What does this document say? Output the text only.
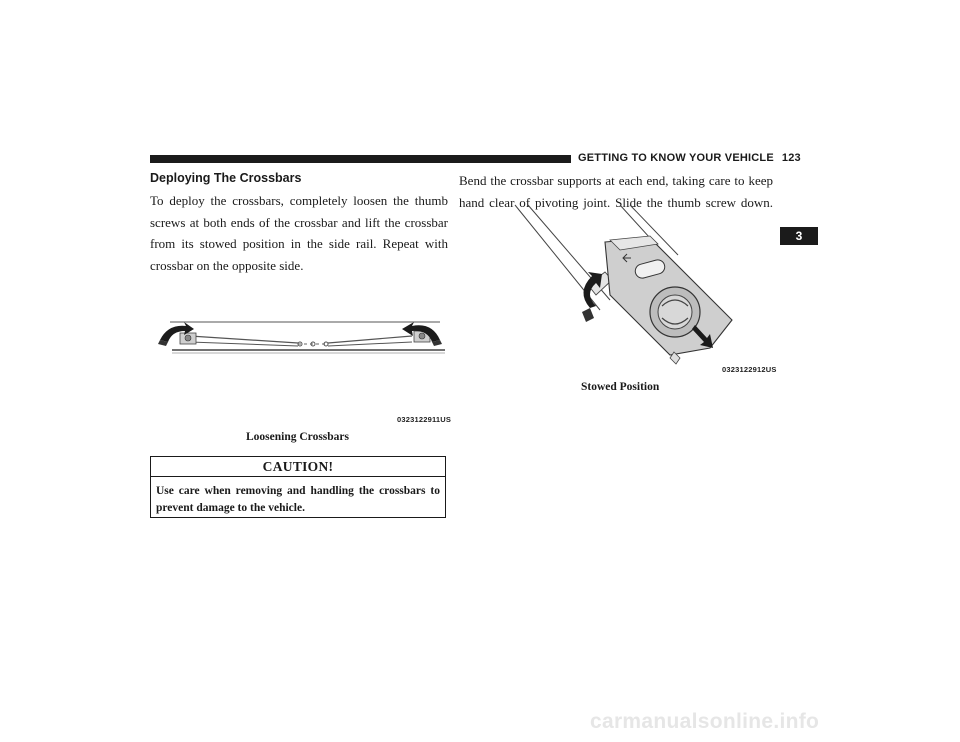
GETTING TO KNOW YOUR VEHICLE 123
3
Deploying The Crossbars
To deploy the crossbars, completely loosen the thumb screws at both ends of the crossbar and lift the crossbar from its stowed position in the side rail. Repeat with crossbar on the opposite side.
0323122911US
Loosening Crossbars
CAUTION!
Use care when removing and handling the crossbars to prevent damage to the vehicle.
Bend the crossbar supports at each end, taking care to keep hand clear of pivoting joint. Slide the thumb screw down.
0323122912US
Stowed Position
carmanualsonline.info
